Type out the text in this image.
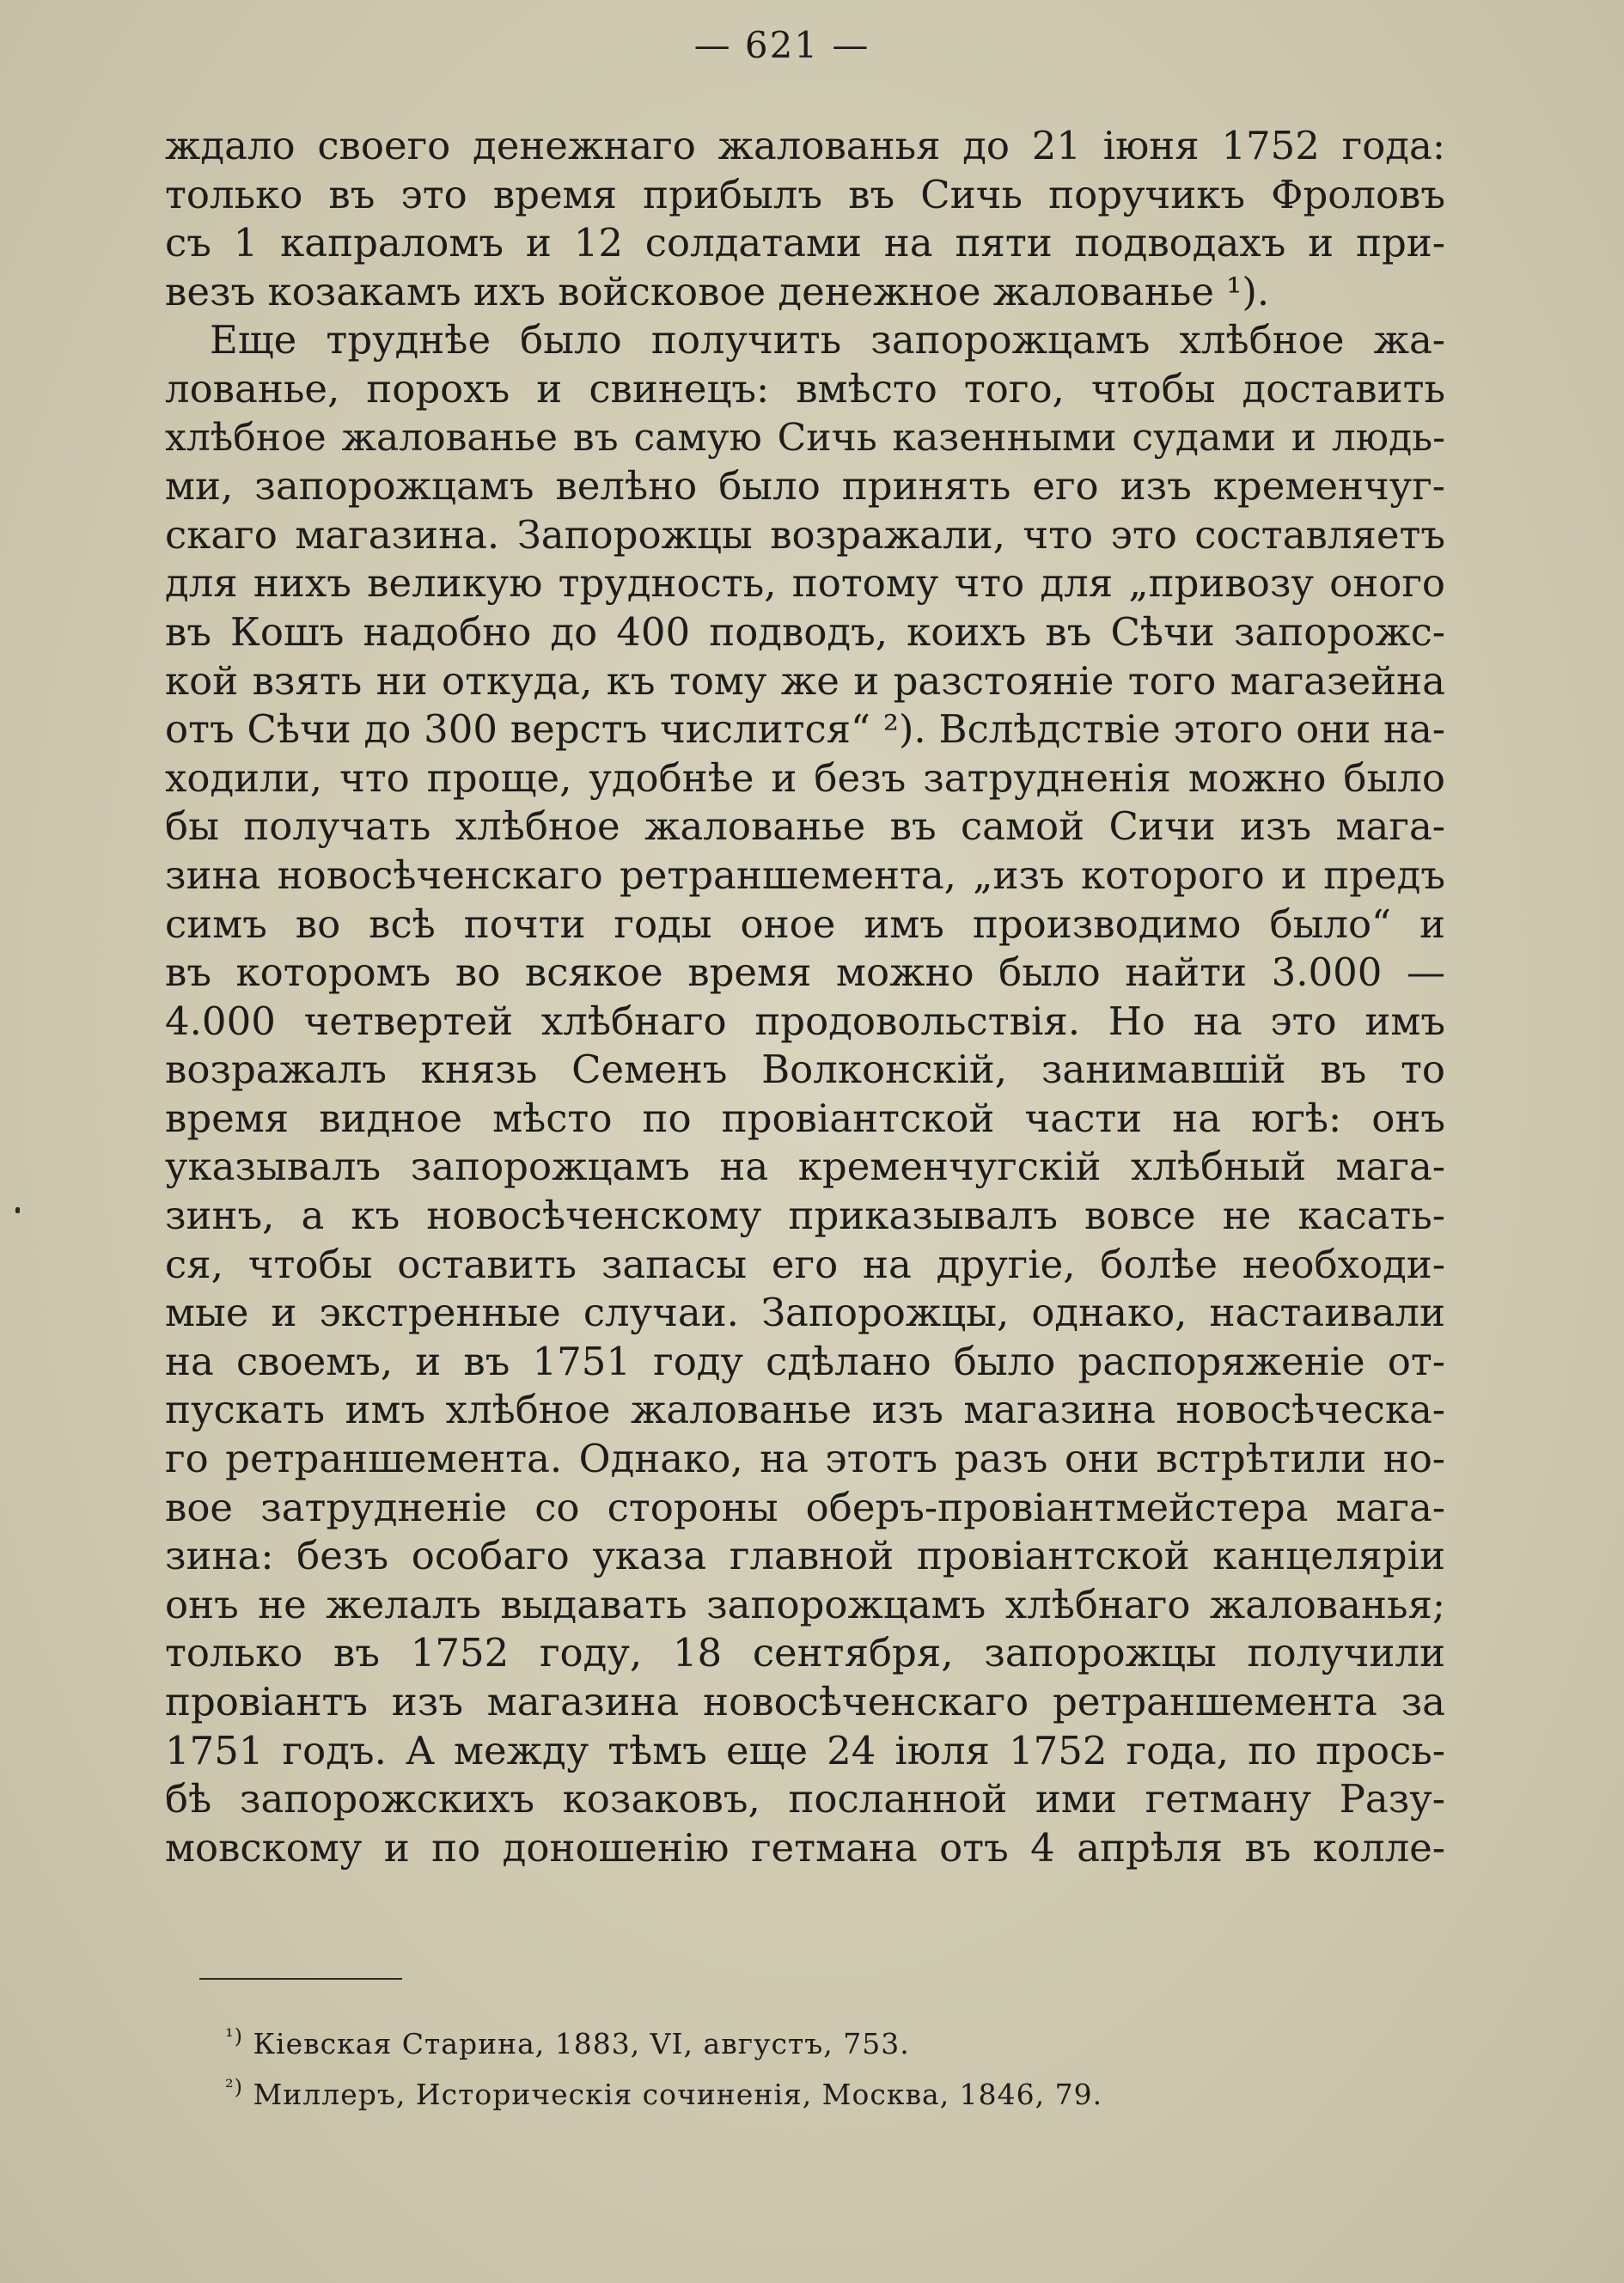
— 621 —
ждало своего денежнаго жалованья до 21 іюня 1752 года:
только въ это время прибылъ въ Сичь поручикъ Фроловъ
съ 1 капраломъ и 12 солдатами на пяти подводахъ и при-
везъ козакамъ ихъ войсковое денежное жалованье ¹).
Еще труднѣе было получить запорожцамъ хлѣбное жа-
лованье, порохъ и свинецъ: вмѣсто того, чтобы доставить
хлѣбное жалованье въ самую Сичь казенными судами и людь-
ми, запорожцамъ велѣно было принять его изъ кременчуг-
скаго магазина. Запорожцы возражали, что это составляетъ
для нихъ великую трудность, потому что для „привозу оного
въ Кошъ надобно до 400 подводъ, коихъ въ Сѣчи запорожс-
кой взять ни откуда, къ тому же и разстояніе того магазейна
отъ Сѣчи до 300 верстъ числится“ ²). Вслѣдствіе этого они на-
ходили, что проще, удобнѣе и безъ затрудненія можно было
бы получать хлѣбное жалованье въ самой Сичи изъ мага-
зина новосѣченскаго ретраншемента, „изъ которого и предъ
симъ во всѣ почти годы оное имъ производимо было“ и
въ которомъ во всякое время можно было найти 3.000 —
4.000 четвертей хлѣбнаго продовольствія. Но на это имъ
возражалъ князь Семенъ Волконскій, занимавшій въ то
время видное мѣсто по провіантской части на югѣ: онъ
указывалъ запорожцамъ на кременчугскій хлѣбный мага-
зинъ, а къ новосѣченскому приказывалъ вовсе не касать-
ся, чтобы оставить запасы его на другіе, болѣе необходи-
мые и экстренные случаи. Запорожцы, однако, настаивали
на своемъ, и въ 1751 году сдѣлано было распоряженіе от-
пускать имъ хлѣбное жалованье изъ магазина новосѣческа-
го ретраншемента. Однако, на этотъ разъ они встрѣтили но-
вое затрудненіе со стороны оберъ-провіантмейстера мага-
зина: безъ особаго указа главной провіантской канцеляріи
онъ не желалъ выдавать запорожцамъ хлѣбнаго жалованья;
только въ 1752 году, 18 сентября, запорожцы получили
провіантъ изъ магазина новосѣченскаго ретраншемента за
1751 годъ. А между тѣмъ еще 24 іюля 1752 года, по прось-
бѣ запорожскихъ козаковъ, посланной ими гетману Разу-
мовскому и по доношенію гетмана отъ 4 апрѣля въ колле-
$^{^1)}$ Кіевская Старина, 1883, VI, августъ, 753.
$^{^2)}$ Миллеръ, Историческія сочиненія, Москва, 1846, 79.
